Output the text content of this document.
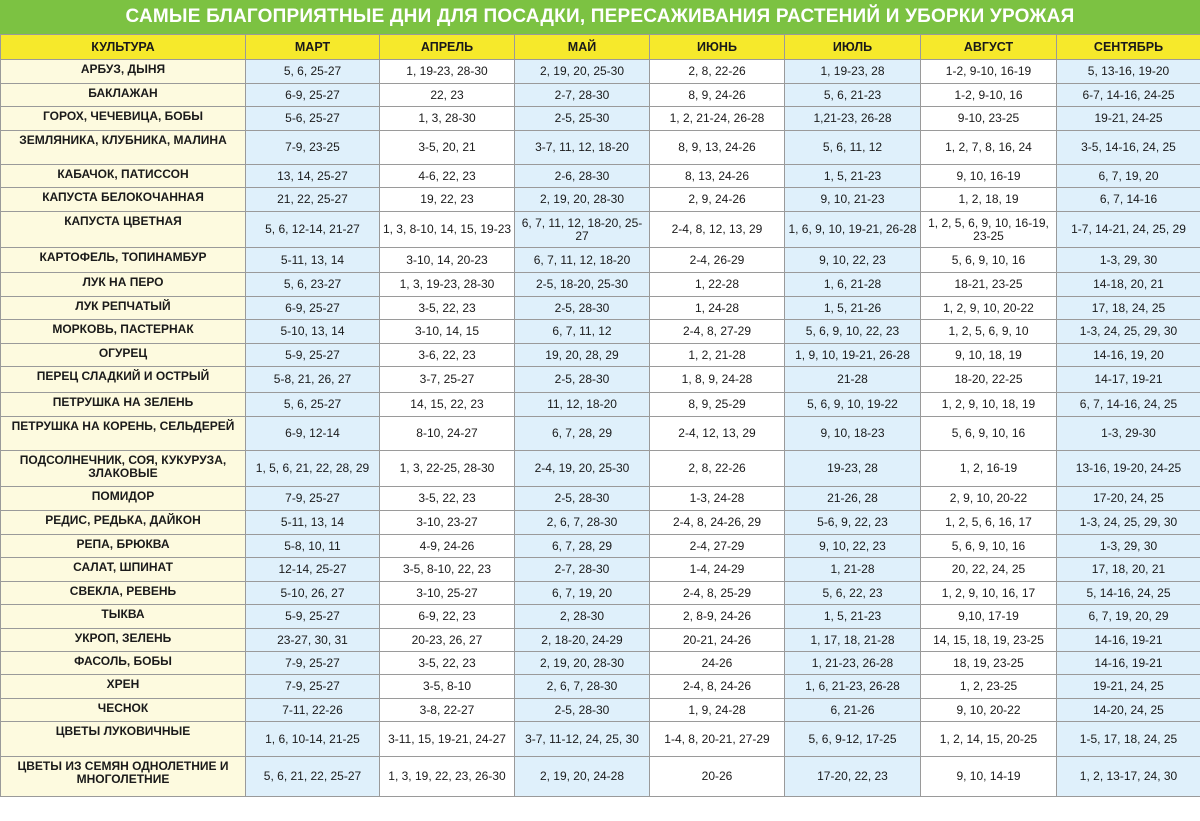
САМЫЕ БЛАГОПРИЯТНЫЕ ДНИ ДЛЯ ПОСАДКИ, ПЕРЕСАЖИВАНИЯ РАСТЕНИЙ И УБОРКИ УРОЖАЯ
КУЛЬТУРА	МАРТ	АПРЕЛЬ	МАЙ	ИЮНЬ	ИЮЛЬ	АВГУСТ	СЕНТЯБРЬ
АРБУЗ, ДЫНЯ	5, 6, 25-27	1, 19-23, 28-30	2, 19, 20, 25-30	2, 8, 22-26	1, 19-23, 28	1-2, 9-10, 16-19	5, 13-16, 19-20
БАКЛАЖАН	6-9, 25-27	22, 23	2-7, 28-30	8, 9, 24-26	5, 6, 21-23	1-2, 9-10, 16	6-7, 14-16, 24-25
ГОРОХ, ЧЕЧЕВИЦА, БОБЫ	5-6, 25-27	1, 3, 28-30	2-5, 25-30	1, 2, 21-24, 26-28	1,21-23, 26-28	9-10, 23-25	19-21, 24-25
ЗЕМЛЯНИКА, КЛУБНИКА, МАЛИНА	7-9, 23-25	3-5, 20, 21	3-7, 11, 12, 18-20	8, 9, 13, 24-26	5, 6, 11, 12	1, 2, 7, 8, 16, 24	3-5, 14-16, 24, 25
КАБАЧОК, ПАТИССОН	13, 14, 25-27	4-6, 22, 23	2-6, 28-30	8, 13, 24-26	1, 5, 21-23	9, 10, 16-19	6, 7, 19, 20
КАПУСТА БЕЛОКОЧАННАЯ	21, 22, 25-27	19, 22, 23	2, 19, 20, 28-30	2, 9, 24-26	9, 10, 21-23	1, 2, 18, 19	6, 7, 14-16
КАПУСТА ЦВЕТНАЯ	5, 6, 12-14, 21-27	1, 3, 8-10, 14, 15, 19-23	6, 7, 11, 12, 18-20, 25-27	2-4, 8, 12, 13, 29	1, 6, 9, 10, 19-21, 26-28	1, 2, 5, 6, 9, 10, 16-19, 23-25	1-7, 14-21, 24, 25, 29
КАРТОФЕЛЬ, ТОПИНАМБУР	5-11, 13, 14	3-10, 14, 20-23	6, 7, 11, 12, 18-20	2-4, 26-29	9, 10, 22, 23	5, 6, 9, 10, 16	1-3, 29, 30
ЛУК НА ПЕРО	5, 6, 23-27	1, 3, 19-23, 28-30	2-5, 18-20, 25-30	1, 22-28	1, 6, 21-28	18-21, 23-25	14-18, 20, 21
ЛУК РЕПЧАТЫЙ	6-9, 25-27	3-5, 22, 23	2-5, 28-30	1, 24-28	1, 5, 21-26	1, 2, 9, 10, 20-22	17, 18, 24, 25
МОРКОВЬ, ПАСТЕРНАК	5-10, 13, 14	3-10, 14, 15	6, 7, 11, 12	2-4, 8, 27-29	5, 6, 9, 10, 22, 23	1, 2, 5, 6, 9, 10	1-3, 24, 25, 29, 30
ОГУРЕЦ	5-9, 25-27	3-6, 22, 23	19, 20, 28, 29	1, 2, 21-28	1, 9, 10, 19-21, 26-28	9, 10, 18, 19	14-16, 19, 20
ПЕРЕЦ СЛАДКИЙ И ОСТРЫЙ	5-8, 21, 26, 27	3-7, 25-27	2-5, 28-30	1, 8, 9, 24-28	21-28	18-20, 22-25	14-17, 19-21
ПЕТРУШКА НА ЗЕЛЕНЬ	5, 6, 25-27	14, 15, 22, 23	11, 12, 18-20	8, 9, 25-29	5, 6, 9, 10, 19-22	1, 2, 9, 10, 18, 19	6, 7, 14-16, 24, 25
ПЕТРУШКА НА КОРЕНЬ, СЕЛЬДЕРЕЙ	6-9, 12-14	8-10, 24-27	6, 7, 28, 29	2-4, 12, 13, 29	9, 10, 18-23	5, 6, 9, 10, 16	1-3, 29-30
ПОДСОЛНЕЧНИК, СОЯ, КУКУРУЗА, ЗЛАКОВЫЕ	1, 5, 6, 21, 22, 28, 29	1, 3, 22-25, 28-30	2-4, 19, 20, 25-30	2, 8, 22-26	19-23, 28	1, 2, 16-19	13-16, 19-20, 24-25
ПОМИДОР	7-9, 25-27	3-5, 22, 23	2-5, 28-30	1-3, 24-28	21-26, 28	2, 9, 10, 20-22	17-20, 24, 25
РЕДИС, РЕДЬКА, ДАЙКОН	5-11, 13, 14	3-10, 23-27	2, 6, 7, 28-30	2-4, 8, 24-26, 29	5-6, 9, 22, 23	1, 2, 5, 6, 16, 17	1-3, 24, 25, 29, 30
РЕПА, БРЮКВА	5-8, 10, 11	4-9, 24-26	6, 7, 28, 29	2-4, 27-29	9, 10, 22, 23	5, 6, 9, 10, 16	1-3, 29, 30
САЛАТ, ШПИНАТ	12-14, 25-27	3-5, 8-10, 22, 23	2-7, 28-30	1-4, 24-29	1, 21-28	20, 22, 24, 25	17, 18, 20, 21
СВЕКЛА, РЕВЕНЬ	5-10, 26, 27	3-10, 25-27	6, 7, 19, 20	2-4, 8, 25-29	5, 6, 22, 23	1, 2, 9, 10, 16, 17	5, 14-16, 24, 25
ТЫКВА	5-9, 25-27	6-9, 22, 23	2, 28-30	2, 8-9, 24-26	1, 5, 21-23	9,10, 17-19	6, 7, 19, 20, 29
УКРОП, ЗЕЛЕНЬ	23-27, 30, 31	20-23, 26, 27	2, 18-20, 24-29	20-21, 24-26	1, 17, 18, 21-28	14, 15, 18, 19, 23-25	14-16, 19-21
ФАСОЛЬ, БОБЫ	7-9, 25-27	3-5, 22, 23	2, 19, 20, 28-30	24-26	1, 21-23, 26-28	18, 19, 23-25	14-16, 19-21
ХРЕН	7-9, 25-27	3-5, 8-10	2, 6, 7, 28-30	2-4, 8, 24-26	1, 6, 21-23, 26-28	1, 2, 23-25	19-21, 24, 25
ЧЕСНОК	7-11, 22-26	3-8, 22-27	2-5, 28-30	1, 9, 24-28	6, 21-26	9, 10, 20-22	14-20, 24, 25
ЦВЕТЫ ЛУКОВИЧНЫЕ	1, 6, 10-14, 21-25	3-11, 15, 19-21, 24-27	3-7, 11-12, 24, 25, 30	1-4, 8, 20-21, 27-29	5, 6, 9-12, 17-25	1, 2, 14, 15, 20-25	1-5, 17, 18, 24, 25
ЦВЕТЫ ИЗ СЕМЯН ОДНОЛЕТНИЕ И МНОГОЛЕТНИЕ	5, 6, 21, 22, 25-27	1, 3, 19, 22, 23, 26-30	2, 19, 20, 24-28	20-26	17-20, 22, 23	9, 10, 14-19	1, 2, 13-17, 24, 30
